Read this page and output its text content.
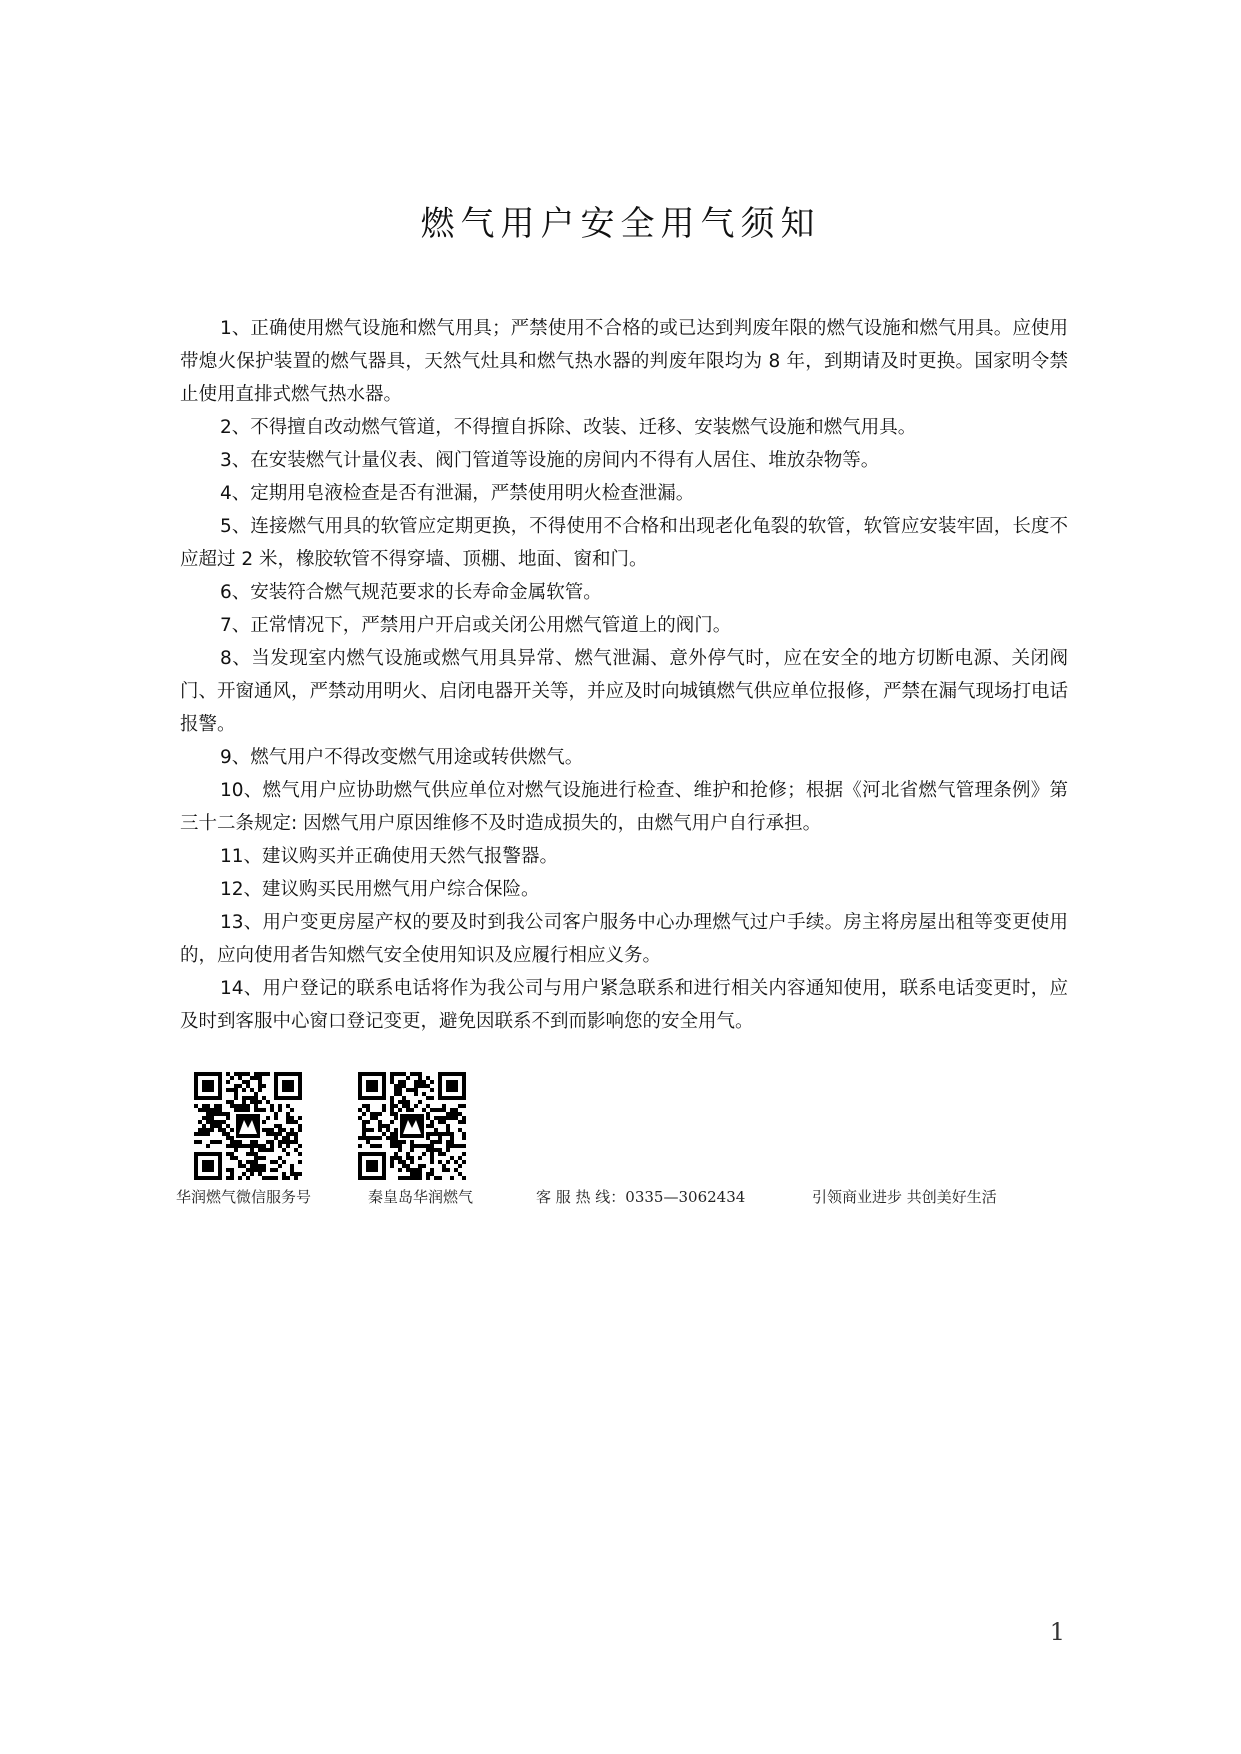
燃气用户安全用气须知
1、正确使用燃气设施和燃气用具；严禁使用不合格的或已达到判废年限的燃气设施和燃气用具。应使用带熄火保护装置的燃气器具，天然气灶具和燃气热水器的判废年限均为 8 年，到期请及时更换。国家明令禁止使用直排式燃气热水器。
2、不得擅自改动燃气管道，不得擅自拆除、改装、迁移、安装燃气设施和燃气用具。
3、在安装燃气计量仪表、阀门管道等设施的房间内不得有人居住、堆放杂物等。
4、定期用皂液检查是否有泄漏，严禁使用明火检查泄漏。
5、连接燃气用具的软管应定期更换，不得使用不合格和出现老化龟裂的软管，软管应安装牢固，长度不应超过 2 米，橡胶软管不得穿墙、顶棚、地面、窗和门。
6、安装符合燃气规范要求的长寿命金属软管。
7、正常情况下，严禁用户开启或关闭公用燃气管道上的阀门。
8、当发现室内燃气设施或燃气用具异常、燃气泄漏、意外停气时，应在安全的地方切断电源、关闭阀门、开窗通风，严禁动用明火、启闭电器开关等，并应及时向城镇燃气供应单位报修，严禁在漏气现场打电话报警。
9、燃气用户不得改变燃气用途或转供燃气。
10、燃气用户应协助燃气供应单位对燃气设施进行检查、维护和抢修；根据《河北省燃气管理条例》第三十二条规定: 因燃气用户原因维修不及时造成损失的，由燃气用户自行承担。
11、建议购买并正确使用天然气报警器。
12、建议购买民用燃气用户综合保险。
13、用户变更房屋产权的要及时到我公司客户服务中心办理燃气过户手续。房主将房屋出租等变更使用的，应向使用者告知燃气安全使用知识及应履行相应义务。
14、用户登记的联系电话将作为我公司与用户紧急联系和进行相关内容通知使用，联系电话变更时，应及时到客服中心窗口登记变更，避免因联系不到而影响您的安全用气。
华润燃气微信服务号	秦皇岛华润燃气	客 服 热 线：0335—3062434	引领商业进步 共创美好生活
1
